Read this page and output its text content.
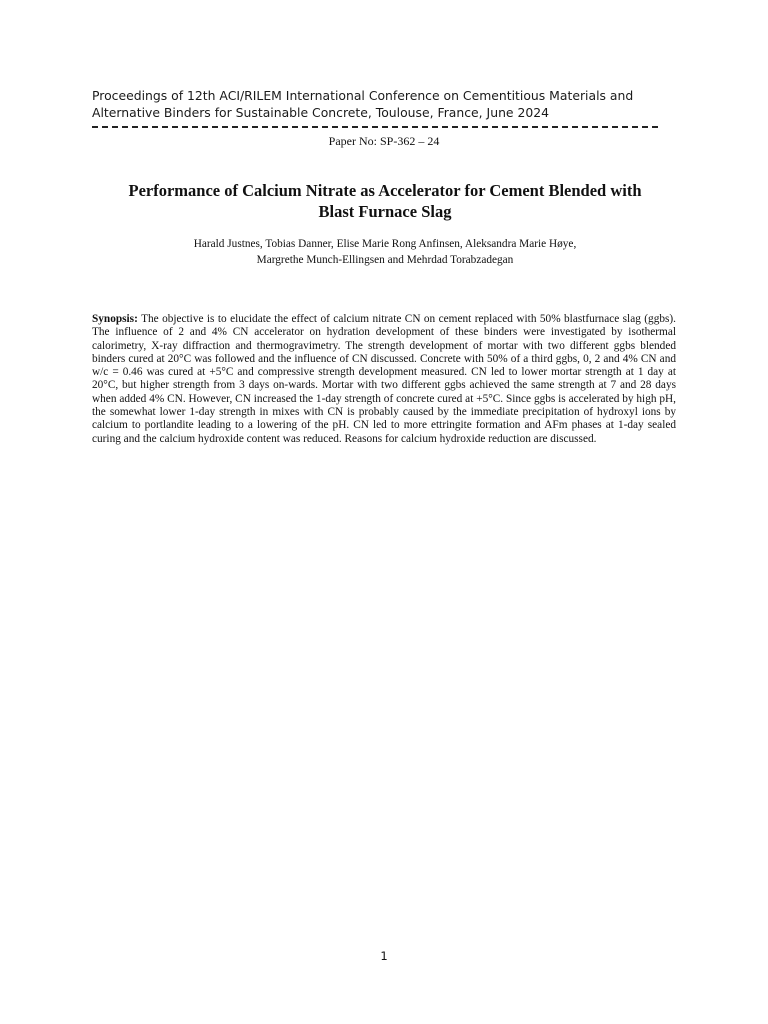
Proceedings of 12th ACI/RILEM International Conference on Cementitious Materials and
Alternative Binders for Sustainable Concrete, Toulouse, France, June 2024

Paper No: SP-362 – 24
Performance of Calcium Nitrate as Accelerator for Cement Blended with
Blast Furnace Slag
Harald Justnes, Tobias Danner, Elise Marie Rong Anfinsen, Aleksandra Marie Høye,
Margrethe Munch-Ellingsen and Mehrdad Torabzadegan

Synopsis: The objective is to elucidate the effect of calcium nitrate CN on cement replaced with 50% blastfurnace slag (ggbs). The influence of 2 and 4% CN accelerator on hydration development of these binders were investigated by isothermal calorimetry, X-ray diffraction and thermogravimetry. The strength development of mortar with two different ggbs blended binders cured at 20°C was followed and the influence of CN discussed. Concrete with 50% of a third ggbs, 0, 2 and 4% CN and w/c = 0.46 was cured at +5°C and compressive strength development measured. CN led to lower mortar strength at 1 day at 20°C, but higher strength from 3 days on-wards. Mortar with two different ggbs achieved the same strength at 7 and 28 days when added 4% CN. However, CN increased the 1-day strength of concrete cured at +5°C. Since ggbs is accelerated by high pH, the somewhat lower 1-day strength in mixes with CN is probably caused by the immediate precipitation of hydroxyl ions by calcium to portlandite leading to a lowering of the pH. CN led to more ettringite formation and AFm phases at 1-day sealed curing and the calcium hydroxide content was reduced. Reasons for calcium hydroxide reduction are discussed.

1
